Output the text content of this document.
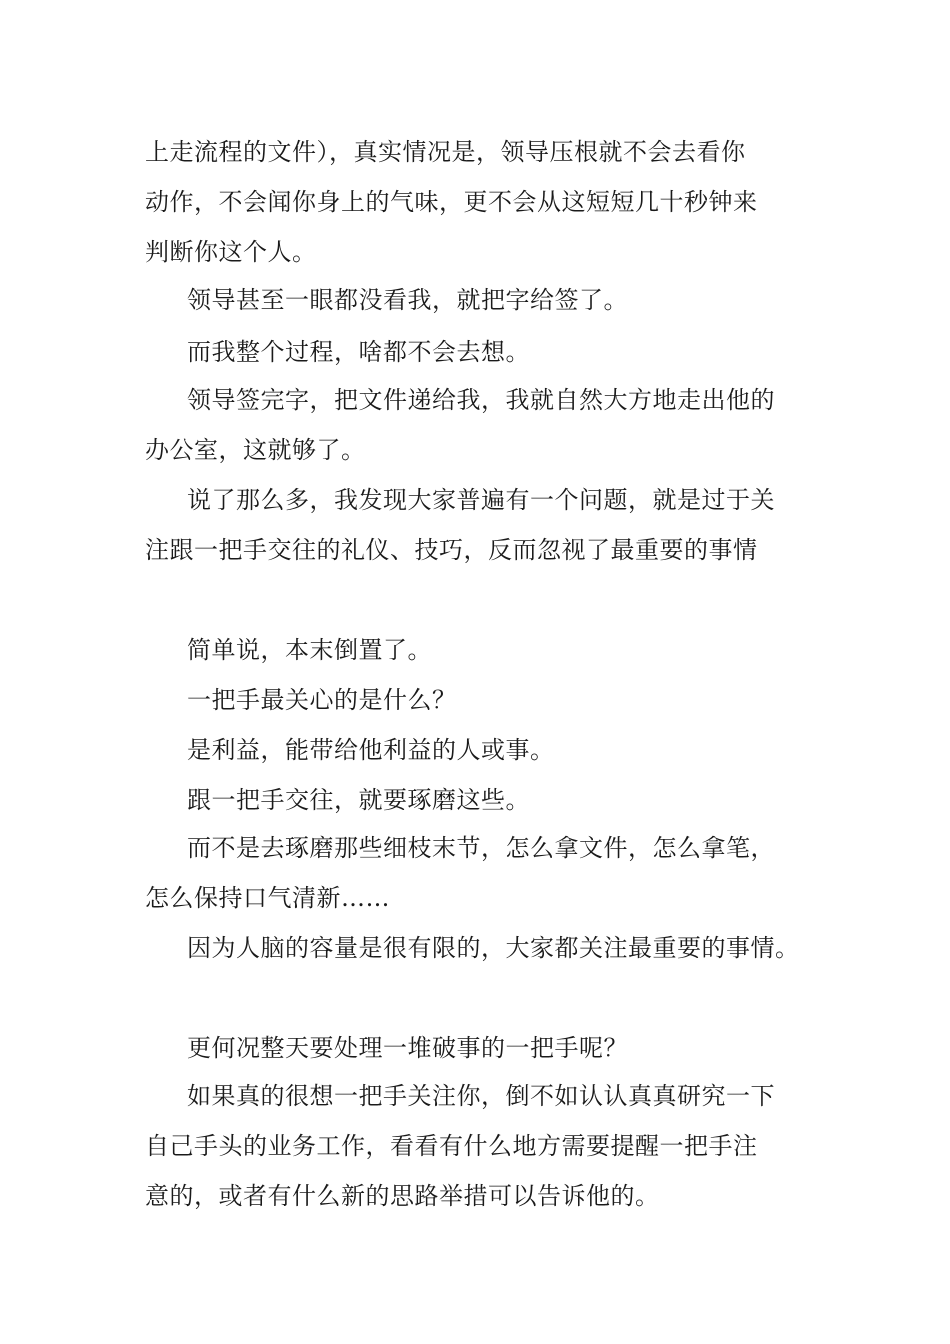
上走流程的文件），真实情况是，领导压根就不会去看你
动作，不会闻你身上的气味，更不会从这短短几十秒钟来
判断你这个人。
领导甚至一眼都没看我，就把字给签了。
而我整个过程，啥都不会去想。
领导签完字，把文件递给我，我就自然大方地走出他的
办公室，这就够了。
说了那么多，我发现大家普遍有一个问题，就是过于关
注跟一把手交往的礼仪、技巧，反而忽视了最重要的事情
简单说，本末倒置了。
一把手最关心的是什么？
是利益，能带给他利益的人或事。
跟一把手交往，就要琢磨这些。
而不是去琢磨那些细枝末节，怎么拿文件，怎么拿笔，
怎么保持口气清新……
因为人脑的容量是很有限的，大家都关注最重要的事情。
更何况整天要处理一堆破事的一把手呢？
如果真的很想一把手关注你，倒不如认认真真研究一下
自己手头的业务工作，看看有什么地方需要提醒一把手注
意的，或者有什么新的思路举措可以告诉他的。
